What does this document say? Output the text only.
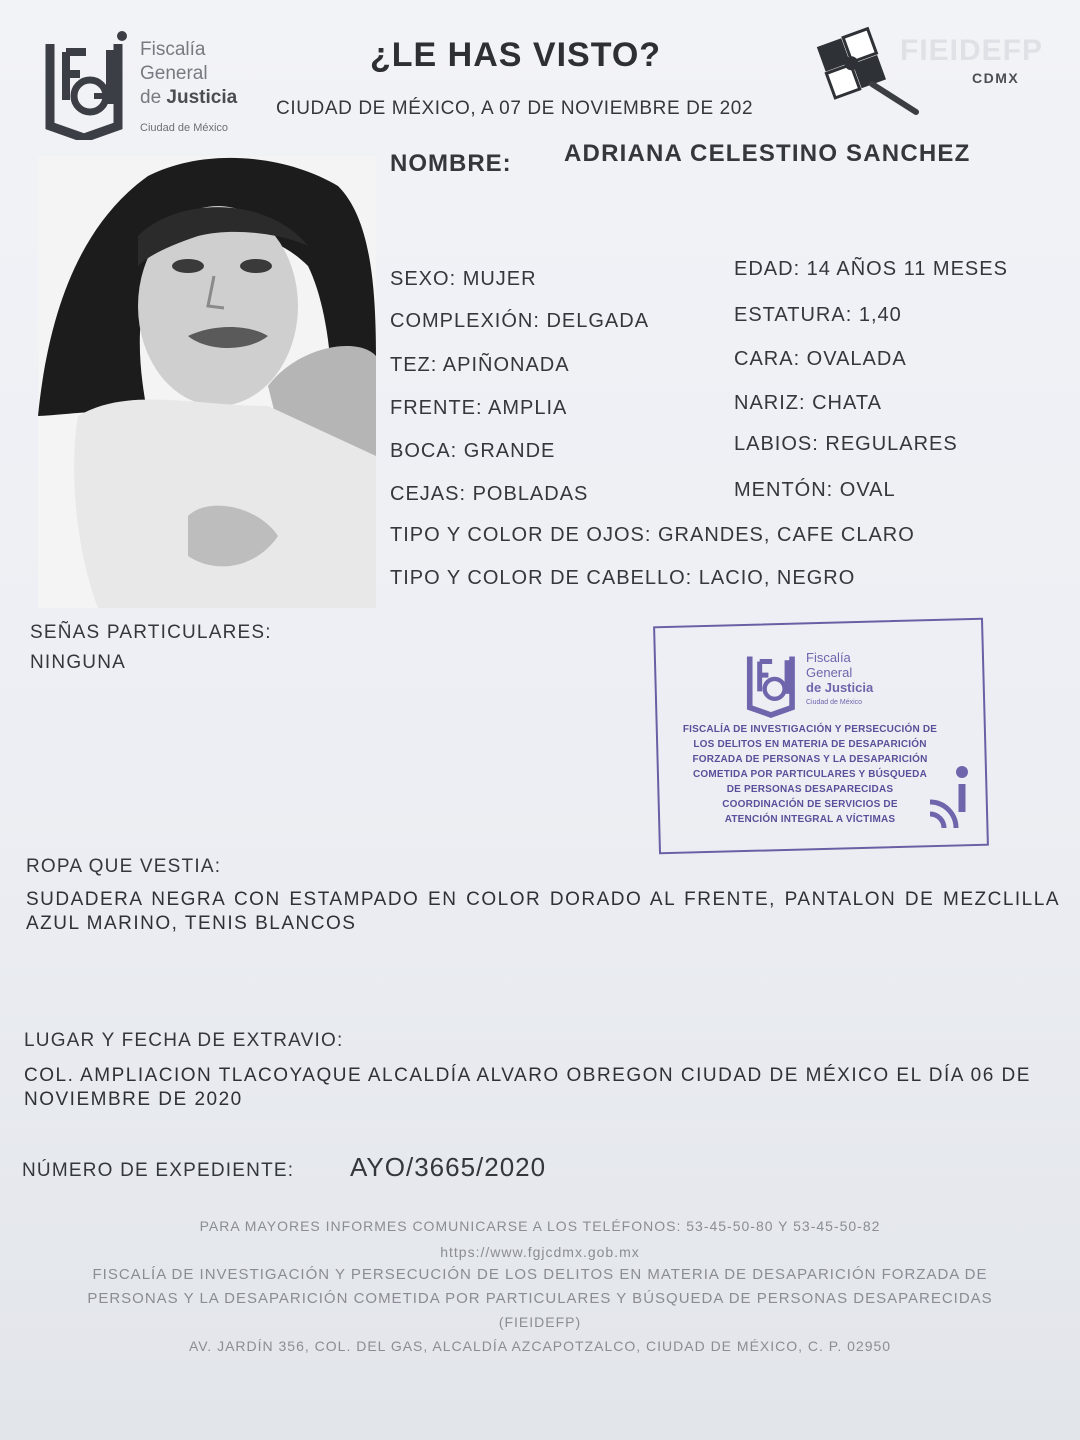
Fiscalía
General
de Justicia
Ciudad de México
¿LE HAS VISTO?
CIUDAD DE MÉXICO, A 07 DE NOVIEMBRE DE 202
FIEIDEFP
CDMX
NOMBRE: ADRIANA CELESTINO SANCHEZ
SEXO: MUJER
COMPLEXIÓN: DELGADA
TEZ: APIÑONADA
FRENTE: AMPLIA
BOCA: GRANDE
CEJAS: POBLADAS
EDAD: 14 AÑOS 11 MESES
ESTATURA: 1,40
CARA: OVALADA
NARIZ: CHATA
LABIOS: REGULARES
MENTÓN: OVAL
TIPO Y COLOR DE OJOS: GRANDES, CAFE CLARO
TIPO Y COLOR DE CABELLO: LACIO, NEGRO
SEÑAS PARTICULARES:
NINGUNA	Fiscalía
General
de Justicia
Ciudad de México
FISCALÍA DE INVESTIGACIÓN Y PERSECUCIÓN DE
LOS DELITOS EN MATERIA DE DESAPARICIÓN
FORZADA DE PERSONAS Y LA DESAPARICIÓN
COMETIDA POR PARTICULARES Y BÚSQUEDA
DE PERSONAS DESAPARECIDAS
COORDINACIÓN DE SERVICIOS DE
ATENCIÓN INTEGRAL A VÍCTIMAS
ROPA QUE VESTIA:
SUDADERA NEGRA CON ESTAMPADO EN COLOR DORADO AL FRENTE, PANTALON DE MEZCLILLA AZUL MARINO, TENIS BLANCOS
LUGAR Y FECHA DE EXTRAVIO:
COL. AMPLIACION TLACOYAQUE ALCALDÍA ALVARO OBREGON CIUDAD DE MÉXICO EL DÍA 06 DE NOVIEMBRE DE 2020
NÚMERO DE EXPEDIENTE: AYO/3665/2020
PARA MAYORES INFORMES COMUNICARSE A LOS TELÉFONOS: 53-45-50-80 Y 53-45-50-82
https://www.fgjcdmx.gob.mx
FISCALÍA DE INVESTIGACIÓN Y PERSECUCIÓN DE LOS DELITOS EN MATERIA DE DESAPARICIÓN FORZADA DE
PERSONAS Y LA DESAPARICIÓN COMETIDA POR PARTICULARES Y BÚSQUEDA DE PERSONAS DESAPARECIDAS
(FIEIDEFP)
AV. JARDÍN 356, COL. DEL GAS, ALCALDÍA AZCAPOTZALCO, CIUDAD DE MÉXICO, C. P. 02950
